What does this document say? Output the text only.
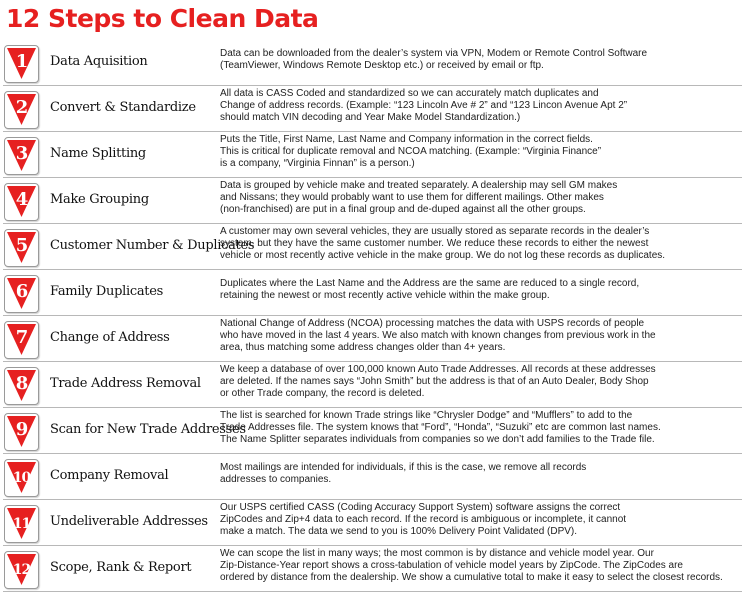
12 Steps to Clean Data
1	Data Aquisition
Data can be downloaded from the dealer’s system via VPN, Modem or Remote Control Software
(TeamViewer, Windows Remote Desktop etc.) or received by email or ftp.
2	Convert & Standardize
All data is CASS Coded and standardized so we can accurately match duplicates and
Change of address records. (Example: “123 Lincoln Ave # 2” and “123 Lincon Avenue Apt 2”
should match VIN decoding and Year Make Model Standardization.)
3	Name Splitting
Puts the Title, First Name, Last Name and Company information in the correct fields.
This is critical for duplicate removal and NCOA matching. (Example: “Virginia Finance”
is a company, “Virginia Finnan” is a person.)
4	Make Grouping
Data is grouped by vehicle make and treated separately. A dealership may sell GM makes
and Nissans; they would probably want to use them for different mailings. Other makes
(non-franchised) are put in a final group and de-duped against all the other groups.
5	Customer Number & Duplicates
A customer may own several vehicles, they are usually stored as separate records in the dealer’s
system, but they have the same customer number. We reduce these records to either the newest
vehicle or most recently active vehicle in the make group. We do not log these records as duplicates.
6	Family Duplicates
Duplicates where the Last Name and the Address are the same are reduced to a single record,
retaining the newest or most recently active vehicle within the make group.
7	Change of Address
National Change of Address (NCOA) processing matches the data with USPS records of people
who have moved in the last 4 years. We also match with known changes from previous work in the
area, thus matching some address changes older than 4+ years.
8	Trade Address Removal
We keep a database of over 100,000 known Auto Trade Addresses. All records at these addresses
are deleted. If the names says “John Smith” but the address is that of an Auto Dealer, Body Shop
or other Trade company, the record is deleted.
9	Scan for New Trade Addresses
The list is searched for known Trade strings like “Chrysler Dodge” and “Mufflers” to add to the
Trade Addresses file. The system knows that “Ford”, “Honda”, “Suzuki” etc are common last names.
The Name Splitter separates individuals from companies so we don’t add families to the Trade file.
10	Company Removal
Most mailings are intended for individuals, if this is the case, we remove all records
addresses to companies.
11	Undeliverable Addresses
Our USPS certified CASS (Coding Accuracy Support System) software assigns the correct
ZipCodes and Zip+4 data to each record. If the record is ambiguous or incomplete, it cannot
make a match. The data we send to you is 100% Delivery Point Validated (DPV).
12	Scope, Rank & Report
We can scope the list in many ways; the most common is by distance and vehicle model year. Our
Zip-Distance-Year report shows a cross-tabulation of vehicle model years by ZipCode. The ZipCodes are
ordered by distance from the dealership. We show a cumulative total to make it easy to select the closest records.
